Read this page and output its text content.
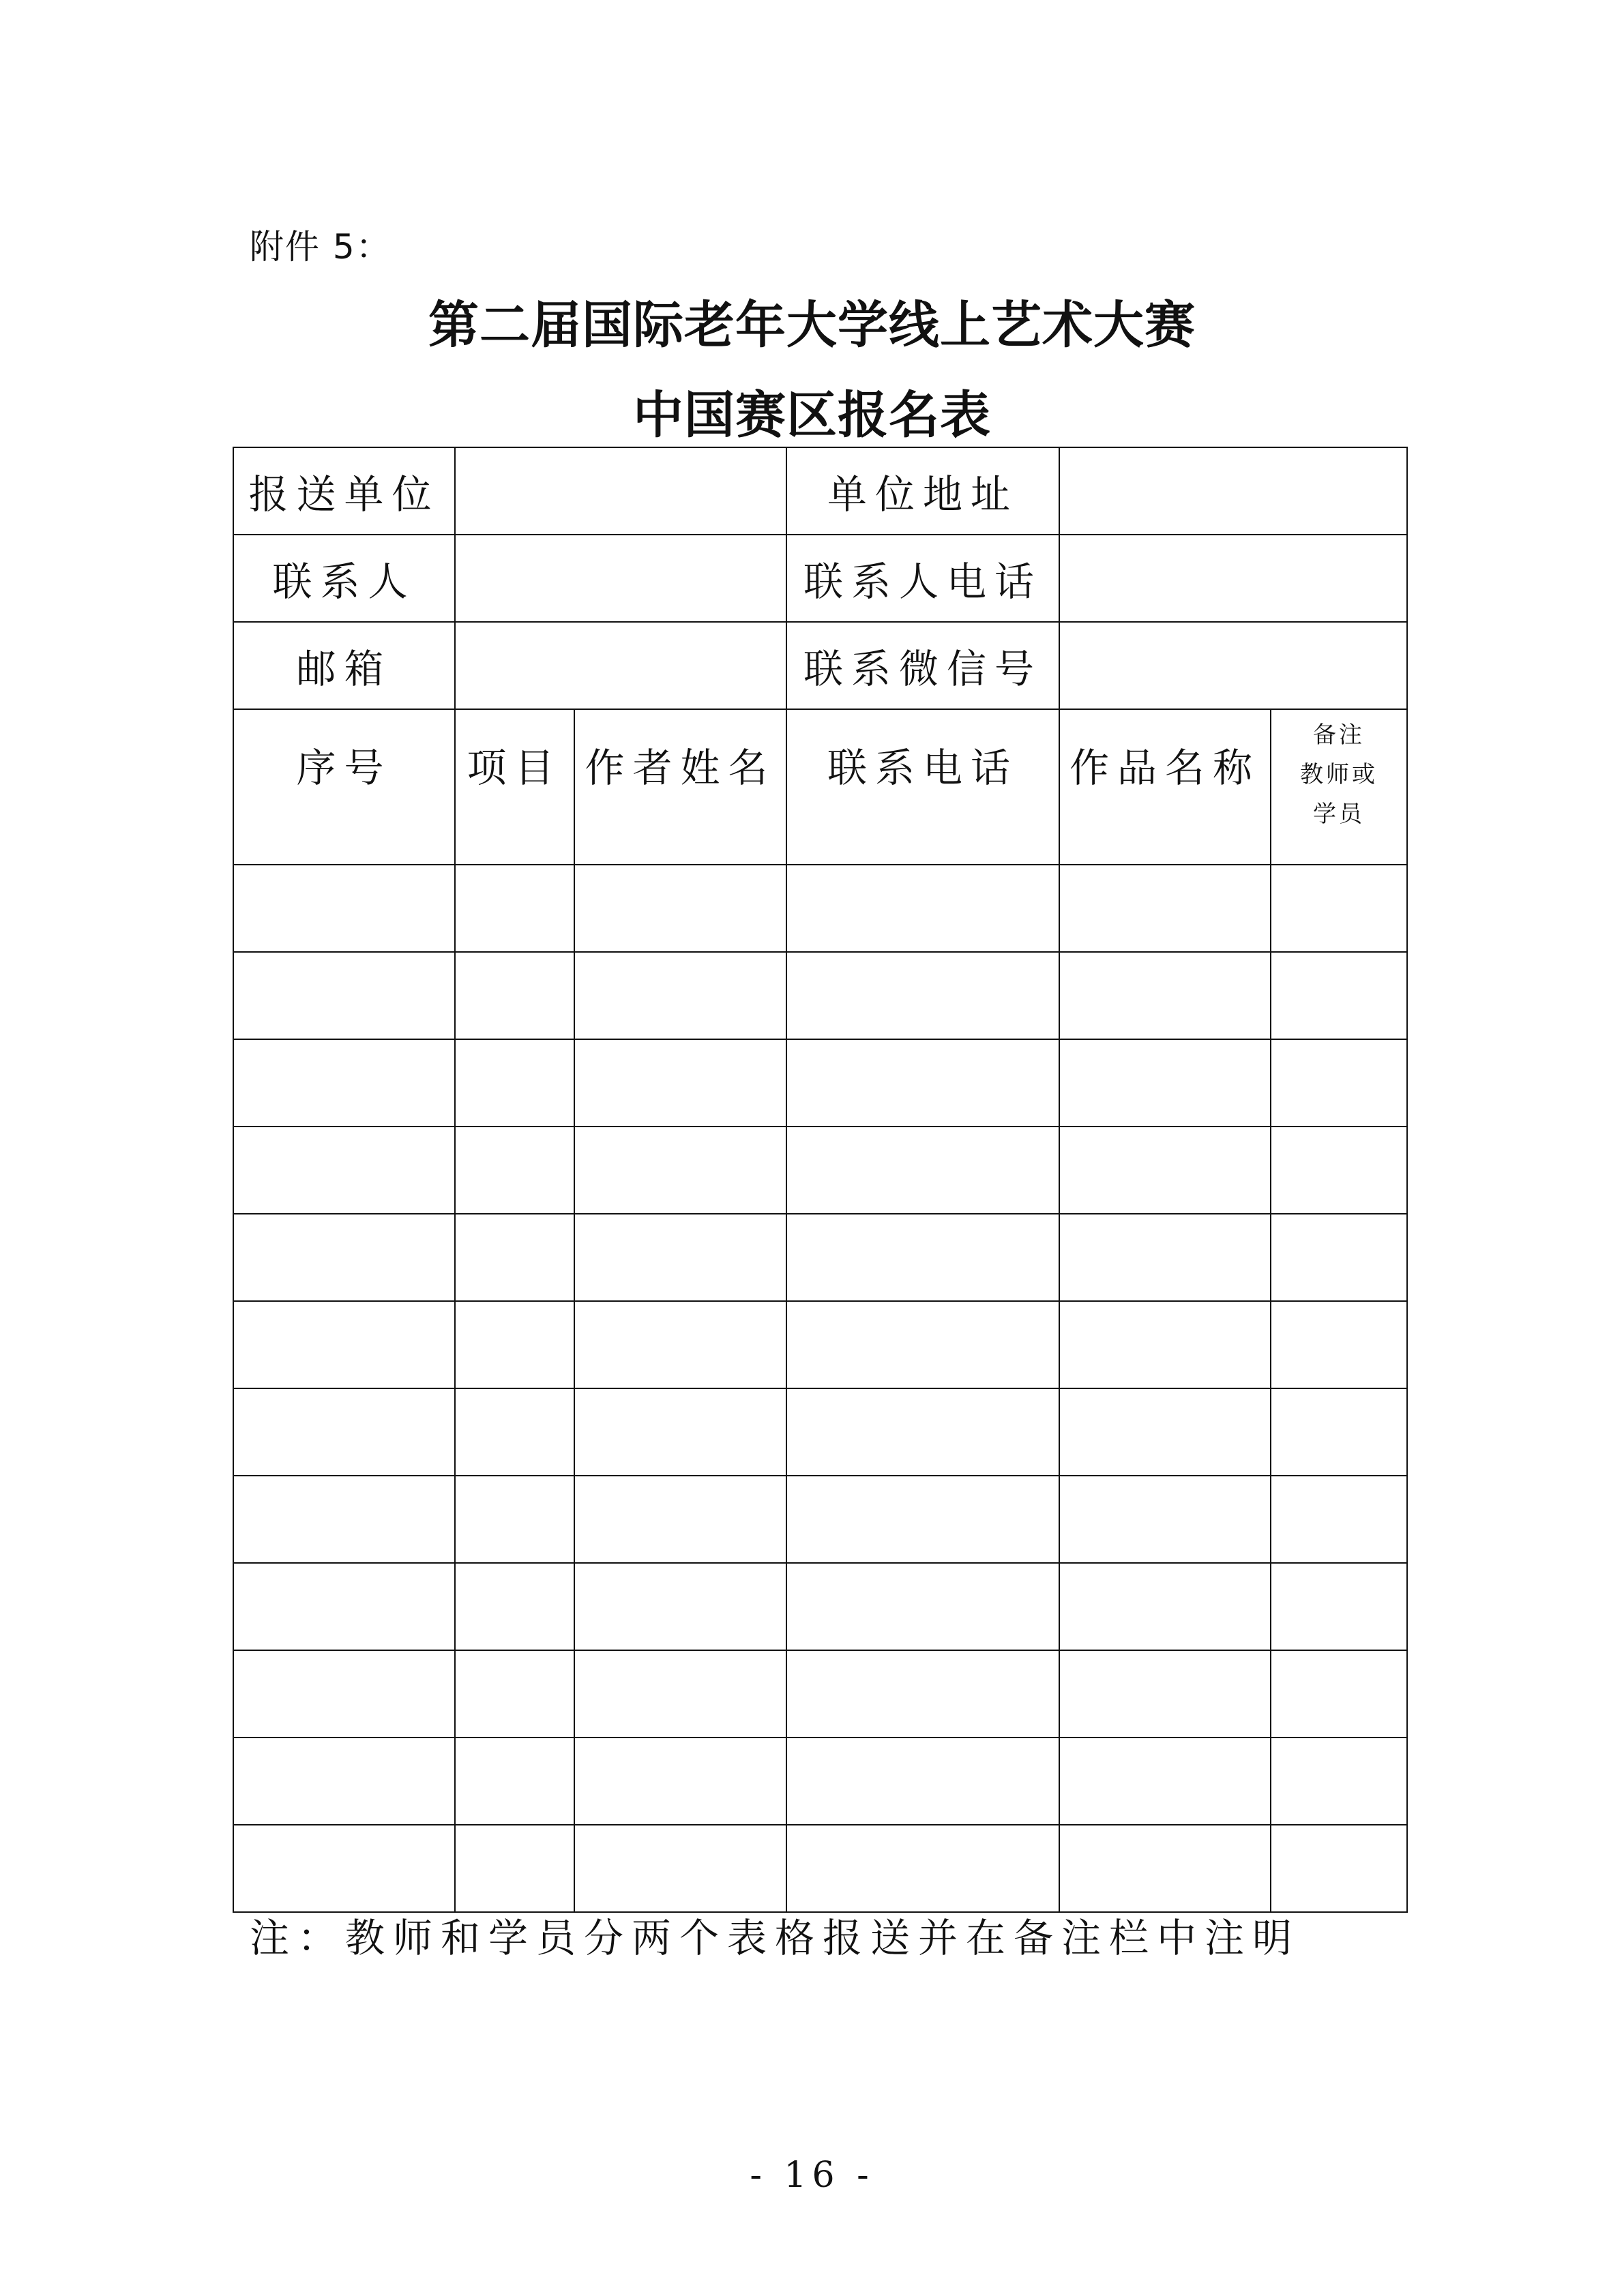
附件 5：
第二届国际老年大学线上艺术大赛
中国赛区报名表
报送单位			单位地址		
联系人			联系人电话		
邮箱			联系微信号		
序号	项目	作者姓名	联系电话	作品名称	备注
教师或
学员

注：教师和学员分两个表格报送并在备注栏中注明
- 16 -
